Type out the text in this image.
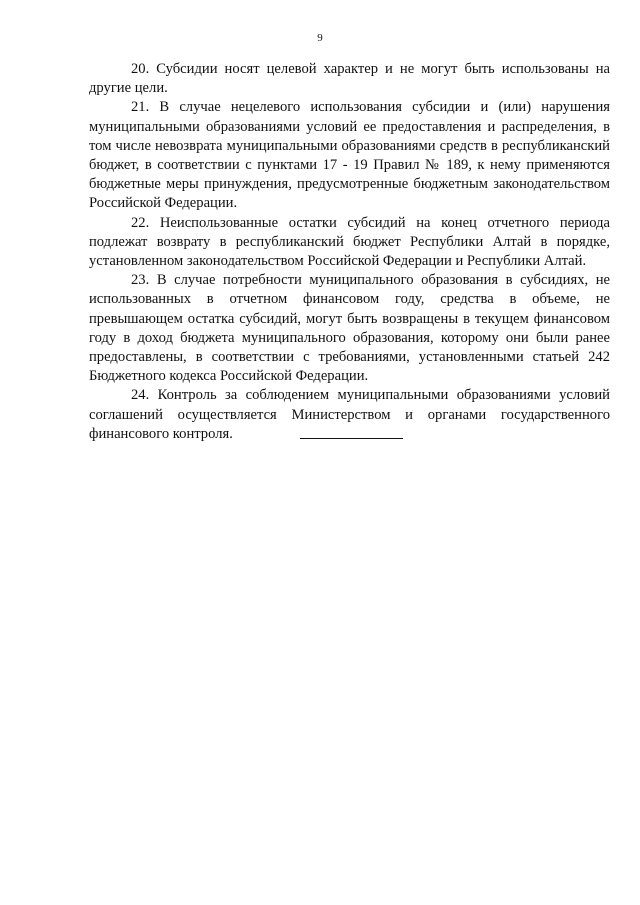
9

20. Субсидии носят целевой характер и не могут быть использованы на другие цели.

21. В случае нецелевого использования субсидии и (или) нарушения муниципальными образованиями условий ее предоставления и распределения, в том числе невозврата муниципальными образованиями средств в республиканский бюджет, в соответствии с пунктами 17 - 19 Правил № 189, к нему применяются бюджетные меры принуждения, предусмотренные бюджетным законодательством Российской Федерации.

22. Неиспользованные остатки субсидий на конец отчетного периода подлежат возврату в республиканский бюджет Республики Алтай в порядке, установленном законодательством Российской Федерации и Республики Алтай.

23. В случае потребности муниципального образования в субсидиях, не использованных в отчетном финансовом году, средства в объеме, не превышающем остатка субсидий, могут быть возвращены в текущем финансовом году в доход бюджета муниципального образования, которому они были ранее предоставлены, в соответствии с требованиями, установленными статьей 242 Бюджетного кодекса Российской Федерации.

24. Контроль за соблюдением муниципальными образованиями условий соглашений осуществляется Министерством и органами государственного финансового контроля.
